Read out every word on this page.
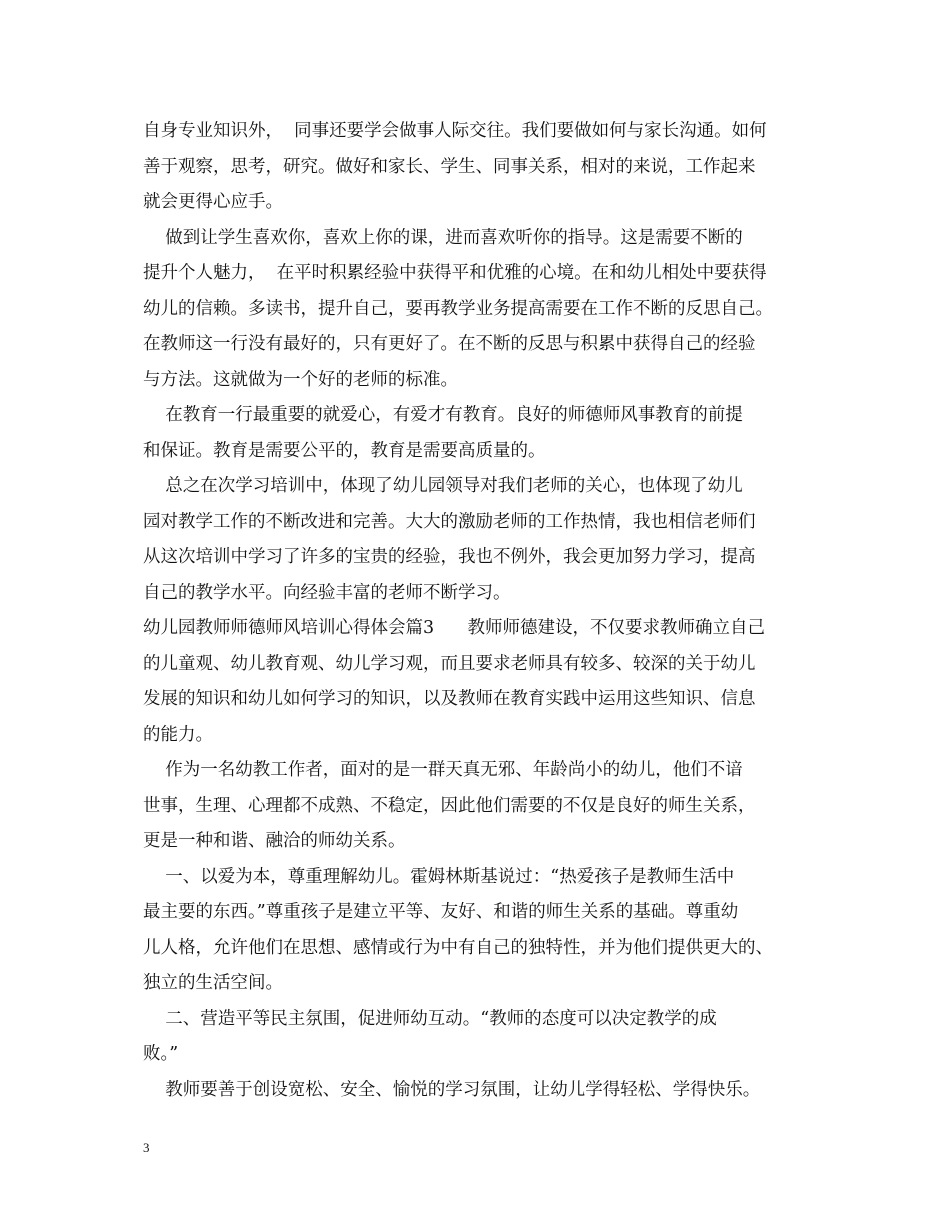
自身专业知识外，  同事还要学会做事人际交往。我们要做如何与家长沟通。如何
善于观察，思考，研究。做好和家长、学生、同事关系，相对的来说，工作起来
就会更得心应手。
做到让学生喜欢你，喜欢上你的课，进而喜欢听你的指导。这是需要不断的
提升个人魅力，  在平时积累经验中获得平和优雅的心境。在和幼儿相处中要获得
幼儿的信赖。多读书，提升自己，要再教学业务提高需要在工作不断的反思自己。
在教师这一行没有最好的，只有更好了。在不断的反思与积累中获得自己的经验
与方法。这就做为一个好的老师的标准。
在教育一行最重要的就爱心，有爱才有教育。良好的师德师风事教育的前提
和保证。教育是需要公平的，教育是需要高质量的。
总之在次学习培训中，体现了幼儿园领导对我们老师的关心，也体现了幼儿
园对教学工作的不断改进和完善。大大的激励老师的工作热情，我也相信老师们
从这次培训中学习了许多的宝贵的经验，我也不例外，我会更加努力学习，提高
自己的教学水平。向经验丰富的老师不断学习。
幼儿园教师师德师风培训心得体会篇3      教师师德建设，不仅要求教师确立自己
的儿童观、幼儿教育观、幼儿学习观，而且要求老师具有较多、较深的关于幼儿
发展的知识和幼儿如何学习的知识，以及教师在教育实践中运用这些知识、信息
的能力。
作为一名幼教工作者，面对的是一群天真无邪、年龄尚小的幼儿，他们不谙
世事，生理、心理都不成熟、不稳定，因此他们需要的不仅是良好的师生关系，
更是一种和谐、融洽的师幼关系。
一、以爱为本，尊重理解幼儿。霍姆林斯基说过：“热爱孩子是教师生活中
最主要的东西。”尊重孩子是建立平等、友好、和谐的师生关系的基础。尊重幼
儿人格，允许他们在思想、感情或行为中有自己的独特性，并为他们提供更大的、
独立的生活空间。
二、营造平等民主氛围，促进师幼互动。“教师的态度可以决定教学的成
败。”
教师要善于创设宽松、安全、愉悦的学习氛围，让幼儿学得轻松、学得快乐。
3
